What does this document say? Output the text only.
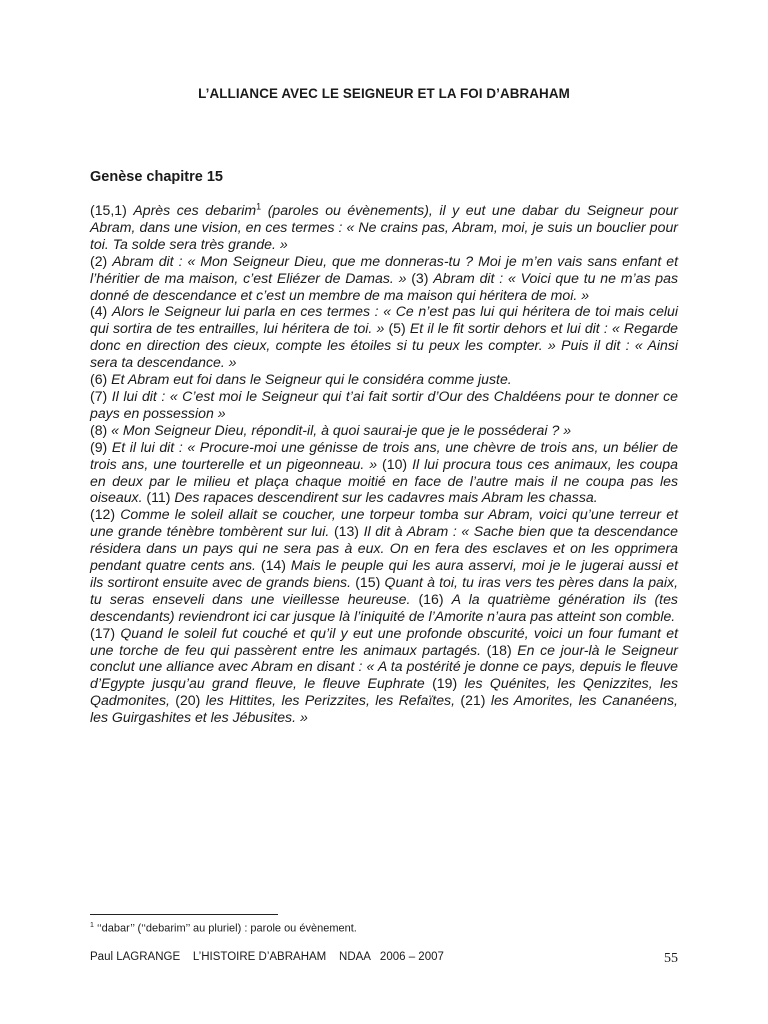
L’ALLIANCE AVEC LE SEIGNEUR ET LA FOI D’ABRAHAM
Genèse chapitre 15
(15,1) Après ces debarim$^1$ (paroles ou évènements), il y eut une dabar du Seigneur pour Abram, dans une vision, en ces termes : « Ne crains pas, Abram, moi, je suis un bouclier pour toi. Ta solde sera très grande. »
(2) Abram dit : « Mon Seigneur Dieu, que me donneras-tu ? Moi je m’en vais sans enfant et l’héritier de ma maison, c’est Eliézer de Damas. » (3) Abram dit : « Voici que tu ne m’as pas donné de descendance et c’est un membre de ma maison qui héritera de moi. »
(4) Alors le Seigneur lui parla en ces termes : « Ce n’est pas lui qui héritera de toi mais celui qui sortira de tes entrailles, lui héritera de toi. » (5) Et il le fit sortir dehors et lui dit : « Regarde donc en direction des cieux, compte les étoiles si tu peux les compter. » Puis il dit : « Ainsi sera ta descendance. »
(6) Et Abram eut foi dans le Seigneur qui le considéra comme juste.
(7) Il lui dit : « C’est moi le Seigneur qui t’ai fait sortir d’Our des Chaldéens pour te donner ce pays en possession »
(8) « Mon Seigneur Dieu, répondit-il, à quoi saurai-je que je le posséderai ? »
(9) Et il lui dit : « Procure-moi une génisse de trois ans, une chèvre de trois ans, un bélier de trois ans, une tourterelle et un pigeonneau. » (10) Il lui procura tous ces animaux, les coupa en deux par le milieu et plaça chaque moitié en face de l’autre mais il ne coupa pas les oiseaux. (11) Des rapaces descendirent sur les cadavres mais Abram les chassa.
(12) Comme le soleil allait se coucher, une torpeur tomba sur Abram, voici qu’une terreur et une grande ténèbre tombèrent sur lui. (13) Il dit à Abram : « Sache bien que ta descendance résidera dans un pays qui ne sera pas à eux. On en fera des esclaves et on les opprimera pendant quatre cents ans. (14) Mais le peuple qui les aura asservi, moi je le jugerai aussi et ils sortiront ensuite avec de grands biens. (15) Quant à toi, tu iras vers tes pères dans la paix, tu seras enseveli dans une vieillesse heureuse. (16) A la quatrième génération ils (tes descendants) reviendront ici car jusque là l’iniquité de l’Amorite n’aura pas atteint son comble.
(17) Quand le soleil fut couché et qu’il y eut une profonde obscurité, voici un four fumant et une torche de feu qui passèrent entre les animaux partagés. (18) En ce jour-là le Seigneur conclut une alliance avec Abram en disant : « A ta postérité je donne ce pays, depuis le fleuve d’Egypte jusqu’au grand fleuve, le fleuve Euphrate (19) les Quénites, les Qenizzites, les Qadmonites, (20) les Hittites, les Perizzites, les Refaïtes, (21) les Amorites, les Cananéens, les Guirgashites et les Jébusites. »
$^1$ ‘‘dabar’’ (‘‘debarim’’ au pluriel) : parole ou évènement.
Paul LAGRANGE    L’HISTOIRE D’ABRAHAM    NDAA   2006 – 2007	55
